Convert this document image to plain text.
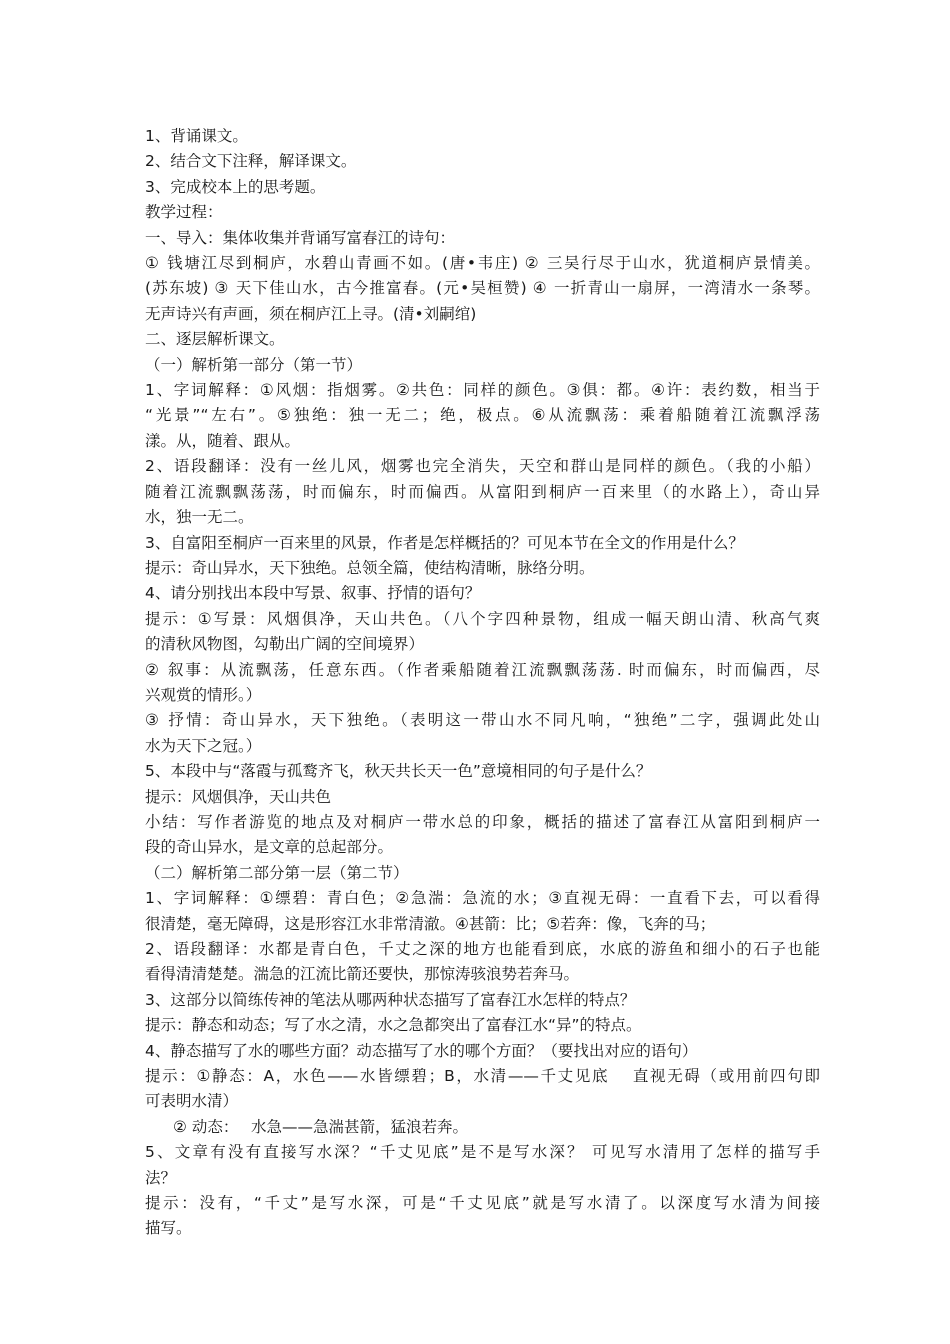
1、背诵课文。
2、结合文下注释，解译课文。
3、完成校本上的思考题。
教学过程：
一、导入：集体收集并背诵写富春江的诗句：
① 钱塘江尽到桐庐，水碧山青画不如。(唐•韦庄) ② 三吴行尽于山水，犹道桐庐景情美。
(苏东坡) ③ 天下佳山水，古今推富春。(元•吴桓赞) ④ 一折青山一扇屏，一湾清水一条琴。
无声诗兴有声画，须在桐庐江上寻。(清•刘嗣绾)
二、逐层解析课文。
（一）解析第一部分（第一节）
1、字词解释：①风烟：指烟雾。②共色：同样的颜色。③俱：都。④许：表约数，相当于
“光景”“左右”。⑤独绝：独一无二；绝，极点。⑥从流飘荡：乘着船随着江流飘浮荡
漾。从，随着、跟从。
2、语段翻译：没有一丝儿风，烟雾也完全消失，天空和群山是同样的颜色。（我的小船）
随着江流飘飘荡荡，时而偏东，时而偏西。从富阳到桐庐一百来里（的水路上），奇山异
水，独一无二。
3、自富阳至桐庐一百来里的风景，作者是怎样概括的？可见本节在全文的作用是什么？
提示：奇山异水，天下独绝。总领全篇，使结构清晰，脉络分明。
4、请分别找出本段中写景、叙事、抒情的语句？
提示：①写景：风烟俱净，天山共色。（八个字四种景物，组成一幅天朗山清、秋高气爽
的清秋风物图，勾勒出广阔的空间境界）
② 叙事：从流飘荡，任意东西。（作者乘船随着江流飘飘荡荡. 时而偏东，时而偏西，尽
兴观赏的情形。）
③ 抒情：奇山异水，天下独绝。（表明这一带山水不同凡响，“独绝”二字，强调此处山
水为天下之冠。）
5、本段中与“落霞与孤鹜齐飞，秋天共长天一色”意境相同的句子是什么？
提示：风烟俱净，天山共色
小结：写作者游览的地点及对桐庐一带水总的印象，概括的描述了富春江从富阳到桐庐一
段的奇山异水，是文章的总起部分。
（二）解析第二部分第一层（第二节）
1、字词解释：①缥碧：青白色；②急湍：急流的水；③直视无碍：一直看下去，可以看得
很清楚，毫无障碍，这是形容江水非常清澈。④甚箭：比；⑤若奔：像，飞奔的马；
2、语段翻译：水都是青白色，千丈之深的地方也能看到底，水底的游鱼和细小的石子也能
看得清清楚楚。湍急的江流比箭还要快，那惊涛骇浪势若奔马。
3、这部分以简练传神的笔法从哪两种状态描写了富春江水怎样的特点？
提示：静态和动态；写了水之清，水之急都突出了富春江水“异”的特点。
4、静态描写了水的哪些方面？动态描写了水的哪个方面？（要找出对应的语句）
提示：①静态：A，水色——水皆缥碧；B，水清——千丈见底　 直视无碍（或用前四句即
可表明水清）
② 动态：　 水急——急湍甚箭，猛浪若奔。
5、文章有没有直接写水深？“千丈见底”是不是写水深？ 可见写水清用了怎样的描写手
法？
提示：没有，“千丈”是写水深，可是“千丈见底”就是写水清了。以深度写水清为间接
描写。
